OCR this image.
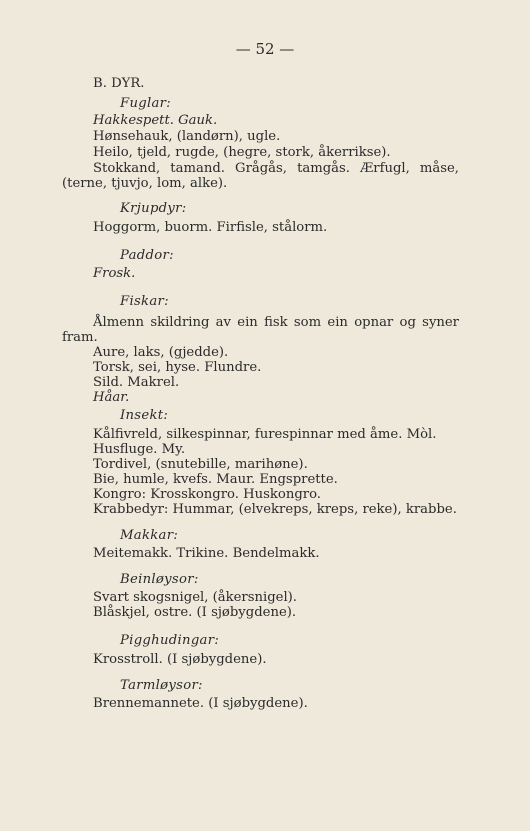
— 52 —
B. DYR.
Fuglar:
Hakkespett. Gauk.
Hønsehauk, (landørn), ugle.
Heilo, tjeld, rugde, (hegre, stork, åkerrikse).
Stokkand, tamand. Grågås, tamgås. Ærfugl, måse,
(terne, tjuvjo, lom, alke).
Krjupdyr:
Hoggorm, buorm. Firfisle, stålorm.
Paddor:
Frosk.
Fiskar:
Ålmenn skildring av ein fisk som ein opnar og syner
fram.
Aure, laks, (gjedde).
Torsk, sei, hyse. Flundre.
Sild. Makrel.
Håar.
Insekt:
Kålfivreld, silkespinnar, furespinnar med åme. Mòl.
Husfluge. My.
Tordivel, (snutebille, marihøne).
Bie, humle, kvefs. Maur. Engsprette.
Kongro: Krosskongro. Huskongro.
Krabbedyr: Hummar, (elvekreps, kreps, reke), krabbe.
Makkar:
Meitemakk. Trikine. Bendelmakk.
Beinløysor:
Svart skogsnigel, (åkersnigel).
Blåskjel, ostre. (I sjøbygdene).
Pigghudingar:
Krosstroll. (I sjøbygdene).
Tarmløysor:
Brennemannete. (I sjøbygdene).
